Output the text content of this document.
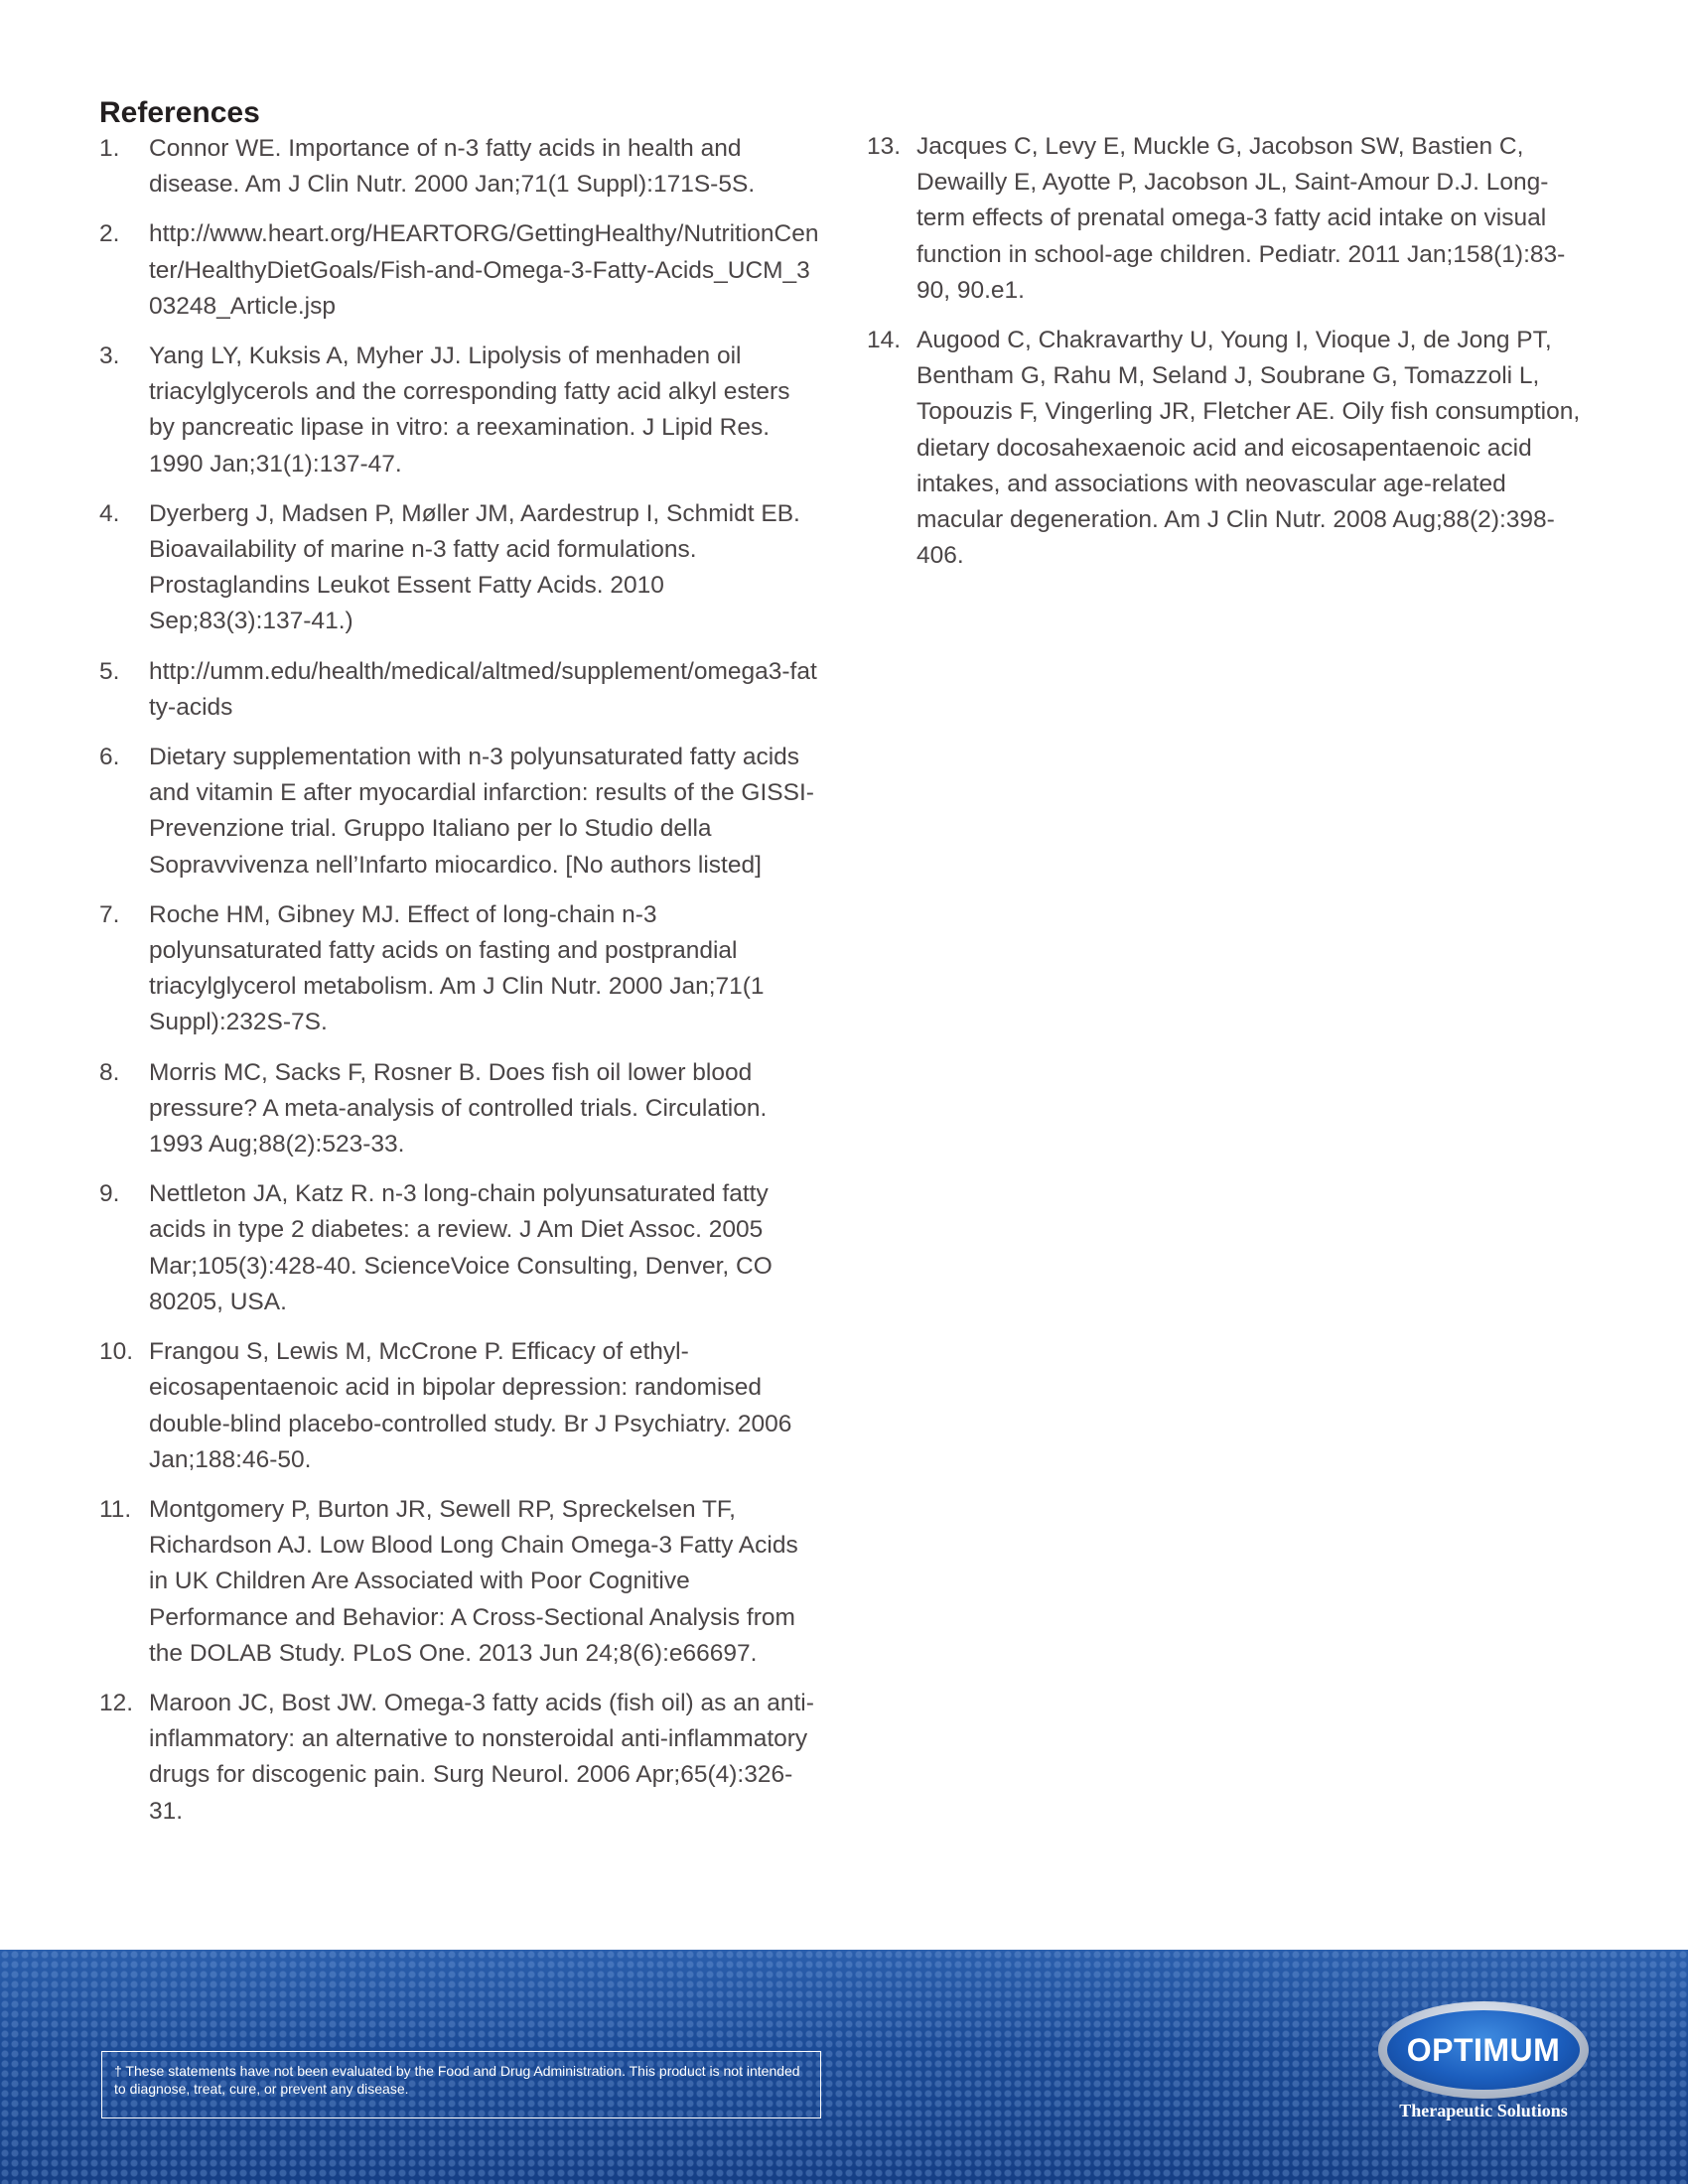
References
1.	Connor WE. Importance of n-3 fatty acids in health and disease. Am J Clin Nutr. 2000 Jan;71(1 Suppl):171S-5S.
2.	http://www.heart.org/HEARTORG/GettingHealthy/NutritionCenter/HealthyDietGoals/Fish-and-Omega-3-Fatty-Acids_UCM_303248_Article.jsp
3.	Yang LY, Kuksis A, Myher JJ. Lipolysis of menhaden oil triacylglycerols and the corresponding fatty acid alkyl esters by pancreatic lipase in vitro: a reexamination. J Lipid Res. 1990 Jan;31(1):137-47.
4.	Dyerberg J, Madsen P, Møller JM, Aardestrup I, Schmidt EB. Bioavailability of marine n-3 fatty acid formulations. Prostaglandins Leukot Essent Fatty Acids. 2010 Sep;83(3):137-41.)
5.	http://umm.edu/health/medical/altmed/supplement/omega3-fatty-acids
6.	Dietary supplementation with n-3 polyunsaturated fatty acids and vitamin E after myocardial infarction: results of the GISSI-Prevenzione trial. Gruppo Italiano per lo Studio della Sopravvivenza nell’Infarto miocardico. [No authors listed]
7.	Roche HM, Gibney MJ. Effect of long-chain n-3 polyunsaturated fatty acids on fasting and postprandial triacylglycerol metabolism. Am J Clin Nutr. 2000 Jan;71(1 Suppl):232S-7S.
8.	Morris MC, Sacks F, Rosner B. Does fish oil lower blood pressure? A meta-analysis of controlled trials. Circulation. 1993 Aug;88(2):523-33.
9.	Nettleton JA, Katz R. n-3 long-chain polyunsaturated fatty acids in type 2 diabetes: a review. J Am Diet Assoc. 2005 Mar;105(3):428-40. ScienceVoice Consulting, Denver, CO 80205, USA.
10. Frangou S, Lewis M, McCrone P. Efficacy of ethyl-eicosapentaenoic acid in bipolar depression: randomised double-blind placebo-controlled study. Br J Psychiatry. 2006 Jan;188:46-50.
11. Montgomery P, Burton JR, Sewell RP, Spreckelsen TF, Richardson AJ. Low Blood Long Chain Omega-3 Fatty Acids in UK Children Are Associated with Poor Cognitive Performance and Behavior: A Cross-Sectional Analysis from the DOLAB Study. PLoS One. 2013 Jun 24;8(6):e66697.
12. Maroon JC, Bost JW. Omega-3 fatty acids (fish oil) as an anti-inflammatory: an alternative to nonsteroidal anti-inflammatory drugs for discogenic pain. Surg Neurol. 2006 Apr;65(4):326-31.
13. Jacques C, Levy E, Muckle G, Jacobson SW, Bastien C, Dewailly E, Ayotte P, Jacobson JL, Saint-Amour D.J. Long-term effects of prenatal omega-3 fatty acid intake on visual function in school-age children. Pediatr. 2011 Jan;158(1):83-90, 90.e1.
14. Augood C, Chakravarthy U, Young I, Vioque J, de Jong PT, Bentham G, Rahu M, Seland J, Soubrane G, Tomazzoli L, Topouzis F, Vingerling JR, Fletcher AE. Oily fish consumption, dietary docosahexaenoic acid and eicosapentaenoic acid intakes, and associations with neovascular age-related macular degeneration. Am J Clin Nutr. 2008 Aug;88(2):398-406.
† These statements have not been evaluated by the Food and Drug Administration. This product is not intended to diagnose, treat, cure, or prevent any disease.
OPTIMUM
Therapeutic Solutions
